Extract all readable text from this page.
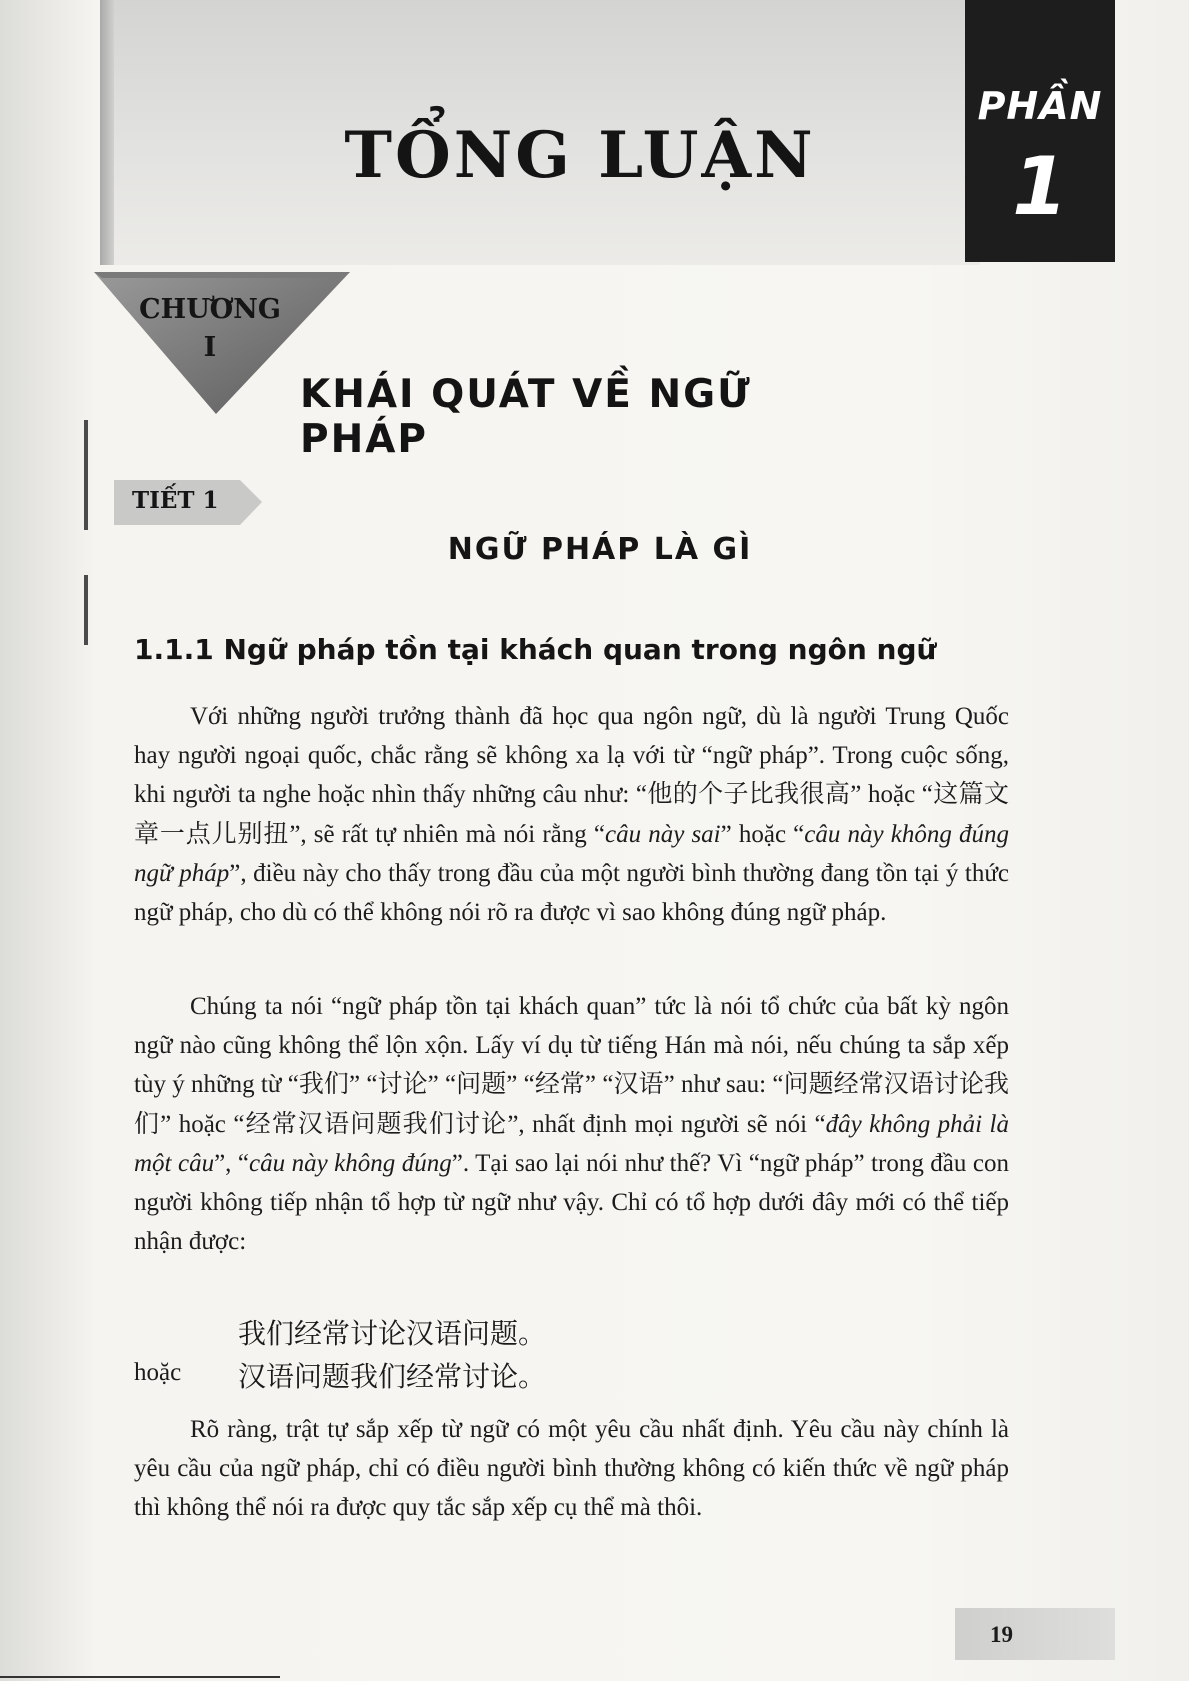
TỔNG LUẬN
PHẦN
1
CHƯƠNG
I
KHÁI QUÁT VỀ NGỮ PHÁP
TIẾT 1
NGỮ PHÁP LÀ GÌ
1.1.1 Ngữ pháp tồn tại khách quan trong ngôn ngữ

Với những người trưởng thành đã học qua ngôn ngữ, dù là người Trung Quốc hay người ngoại quốc, chắc rằng sẽ không xa lạ với từ “ngữ pháp”. Trong cuộc sống, khi người ta nghe hoặc nhìn thấy những câu như: “他的个子比我很高” hoặc “这篇文章一点儿别扭”, sẽ rất tự nhiên mà nói rằng “câu này sai” hoặc “câu này không đúng ngữ pháp”, điều này cho thấy trong đầu của một người bình thường đang tồn tại ý thức ngữ pháp, cho dù có thể không nói rõ ra được vì sao không đúng ngữ pháp.

Chúng ta nói “ngữ pháp tồn tại khách quan” tức là nói tổ chức của bất kỳ ngôn ngữ nào cũng không thể lộn xộn. Lấy ví dụ từ tiếng Hán mà nói, nếu chúng ta sắp xếp tùy ý những từ “我们” “讨论” “问题” “经常” “汉语” như sau: “问题经常汉语讨论我们” hoặc “经常汉语问题我们讨论”, nhất định mọi người sẽ nói “đây không phải là một câu”, “câu này không đúng”. Tại sao lại nói như thế? Vì “ngữ pháp” trong đầu con người không tiếp nhận tổ hợp từ ngữ như vậy. Chỉ có tổ hợp dưới đây mới có thể tiếp nhận được:

我们经常讨论汉语问题。
hoặc 汉语问题我们经常讨论。

Rõ ràng, trật tự sắp xếp từ ngữ có một yêu cầu nhất định. Yêu cầu này chính là yêu cầu của ngữ pháp, chỉ có điều người bình thường không có kiến thức về ngữ pháp thì không thể nói ra được quy tắc sắp xếp cụ thể mà thôi.

19
